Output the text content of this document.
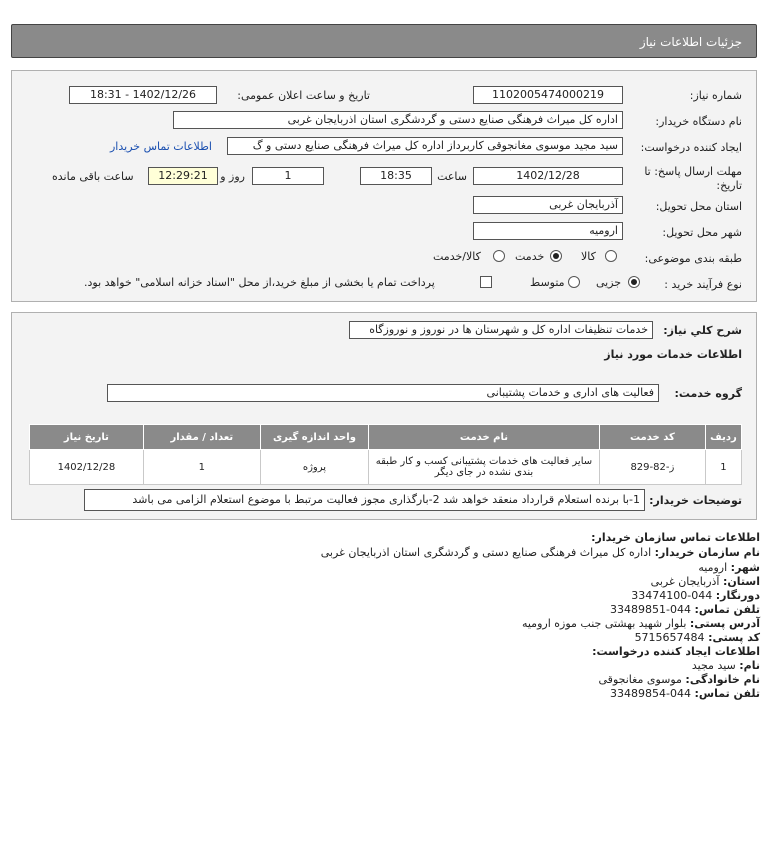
جزئیات اطلاعات نیاز
شماره نیاز:
1102005474000219
تاریخ و ساعت اعلان عمومی:
1402/12/26 - 18:31
نام دستگاه خریدار:
اداره کل میراث فرهنگی صنایع دستی و گردشگری استان اذربایجان غربی
ایجاد کننده درخواست:
سید مجید موسوی مغانجوقی کاربرداز اداره کل میراث فرهنگی صنایع دستی و گ
اطلاعات تماس خریدار
مهلت ارسال پاسخ: تا
تاریخ:
1402/12/28
ساعت
18:35
1
روز و
12:29:21
ساعت باقی مانده
استان محل تحویل:
آذربایجان غربی
شهر محل تحویل:
ارومیه
طبقه بندی موضوعی:
کالا
خدمت
کالا/خدمت
نوع فرآیند خرید :
جزیی
متوسط
پرداخت تمام یا بخشی از مبلغ خرید،از محل "اسناد خزانه اسلامی" خواهد بود.
شرح کلي نياز:
خدمات تنظیفات اداره کل و شهرستان ها در نوروز و نوروزگاه
اطلاعات خدمات مورد نياز
گروه خدمت:
فعالیت های اداری و خدمات پشتیبانی
ردیف	کد خدمت	نام خدمت	واحد اندازه گیری	تعداد / مقدار	تاریخ نیاز
1	ز-82-829	سایر فعالیت های خدمات پشتیبانی کسب و کار طبقه بندی نشده در جای دیگر	پروژه	1	1402/12/28
توضیحات خریدار:
1-با برنده استعلام قرارداد منعقد خواهد شد 2-بارگذاری مجوز فعالیت مرتبط با موضوع استعلام الزامی می باشد
اطلاعات تماس سازمان خریدار:
نام سازمان خریدار: اداره کل میراث فرهنگی صنایع دستی و گردشگری استان اذربایجان غربی
شهر: ارومیه
استان: آذربایجان غربی
دورنگار: 044-33474100
تلفن تماس: 044-33489851
آدرس پستی: بلوار شهید بهشتی جنب موزه ارومیه
کد پستی: 5715657484
اطلاعات ایجاد کننده درخواست:
نام: سید مجید
نام خانوادگی: موسوی مغانجوقی
تلفن تماس: 044-33489854
